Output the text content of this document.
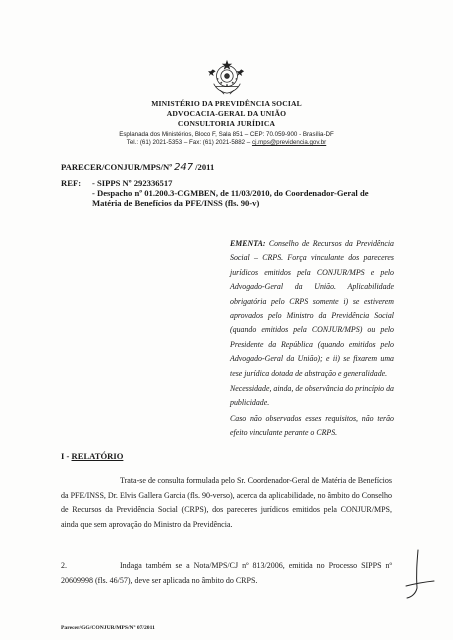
MINISTÉRIO DA PREVIDÊNCIA SOCIAL
ADVOCACIA-GERAL DA UNIÃO
CONSULTORIA JURÍDICA
Esplanada dos Ministérios, Bloco F, Sala 851 – CEP: 70.059-900 - Brasília-DF
Tel.: (61) 2021-5353 – Fax: (61) 2021-5882 – cj.mps@previdencia.gov.br
PARECER/CONJUR/MPS/Nº 247 /2011
REF: - SIPPS Nº 292336517
- Despacho nº 01.200.3-CGMBEN, de 11/03/2010, do Coordenador-Geral de Matéria de Benefícios da PFE/INSS (fls. 90-v)

EMENTA: Conselho de Recursos da Previdência Social – CRPS. Força vinculante dos pareceres jurídicos emitidos pela CONJUR/MPS e pelo Advogado-Geral da União. Aplicabilidade obrigatória pelo CRPS somente i) se estiverem aprovados pelo Ministro da Previdência Social (quando emitidos pela CONJUR/MPS) ou pelo Presidente da República (quando emitidos pelo Advogado-Geral da União); e ii) se fixarem uma tese jurídica dotada de abstração e generalidade.

Necessidade, ainda, de observância do princípio da publicidade.

Caso não observados esses requisitos, não terão efeito vinculante perante o CRPS.

I - RELATÓRIO

Trata-se de consulta formulada pelo Sr. Coordenador-Geral de Matéria de Benefícios da PFE/INSS, Dr. Elvis Gallera Garcia (fls. 90-verso), acerca da aplicabilidade, no âmbito do Conselho de Recursos da Previdência Social (CRPS), dos pareceres jurídicos emitidos pela CONJUR/MPS, ainda que sem aprovação do Ministro da Previdência.

2.	Indaga também se a Nota/MPS/CJ nº 813/2006, emitida no Processo SIPPS nº 20609998 (fls. 46/57), deve ser aplicada no âmbito do CRPS.

Parecer/GG/CONJUR/MPS/Nº 07/2011
